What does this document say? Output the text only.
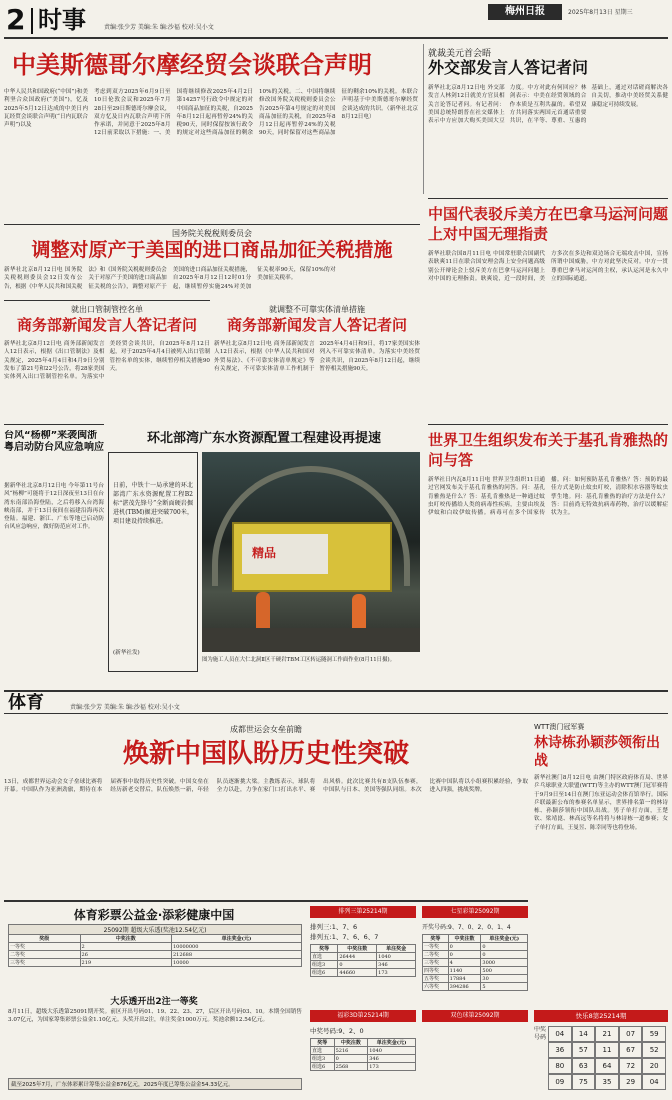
2 时事	责编:张少芳 美编:朱 编:沙福 校对:吴小文
梅州日报	2025年8月13日 星期三
中美斯德哥尔摩经贸会谈联合声明
中华人民共和国政府(“中国”)和美利坚合众国政府(“美国”)，忆及2025年5月12日达成的中美日内瓦经贸会谈联合声明(“日内瓦联合声明”)以及
考虑到双方2025年6月9日至10日伦敦会议和2025年7月28日至29日斯德哥尔摩会议，双方忆及日内瓦联合声明下所作承诺，并同意于2025年8月12日前采取以下措施：一、美国将继续修改2025年4月2日第14257号行政令中规定的对中国商品加征的关税，自2025年8月12日起再暂停24%的关税90天，同时保留按该行政令的规定对这些商品加征的剩余10%的关税。二、中国将继续修改国务院关税税则委员会公告2025年第4号规定的对美国商品加征的关税，自2025年8月12日起再暂停24%的关税90天，同时保留对这些商品加征的剩余10%的关税。本联合声明基于中美斯德哥尔摩经贸会谈达成的共识。（新华社北京8月12日电）
就裁美元首会晤
外交部发言人答记者问
新华社北京8月12日电 外交部发言人林剑12日就美方官员相关言论答记者问。有记者问：美国总统特朗普在社交媒体上表示中方应加大购买美国大豆力度。中方对此有何回应？林剑表示：中美在经贸领域的合作本质是互利共赢的。希望双方共同落实两国元首通话重要共识，在平等、尊重、互惠的基础上，通过对话磋商解决各自关切，推动中美经贸关系健康稳定可持续发展。
国务院关税税则委员会
调整对原产于美国的进口商品加征关税措施
新华社北京8月12日电 国务院关税税则委员会12日发布公告，根据《中华人民共和国关税法》和《国务院关税税则委员会关于对原产于美国的进口商品加征关税的公告》，调整对原产于美国的进口商品加征关税措施，自2025年8月12日12时01分起，继续暂停实施24%对美加征关税率90天，保留10%的对美加征关税率。
就出口管制管控名单
商务部新闻发言人答记者问
新华社北京8月12日电 商务部新闻发言人12日表示，根据《出口管制法》及相关规定，2025年4月4日和4月9日分别发布了第21号和22号公告，将28家美国实体列入出口管制管控名单。为落实中美经贸会谈共识，自2025年8月12日起，对于2025年4月4日被列入出口管制管控名单的实体，继续暂停相关措施90天。
就调整不可靠实体清单措施
商务部新闻发言人答记者问
新华社北京8月12日电 商务部新闻发言人12日表示，根据《中华人民共和国对外贸易法》、《不可靠实体清单规定》等有关规定，不可靠实体清单工作机制于2025年4月4日和9日，将17家美国实体列入不可靠实体清单。为落实中美经贸会谈共识，自2025年8月12日起，继续暂停相关措施90天。
中国代表驳斥美方在巴拿马运河问题上对中国无理指责
新华社联合国8月11日电 中国常驻联合国副代表耿爽11日在联合国安理会海上安全问题高级别公开辩论会上驳斥美方在巴拿马运河问题上对中国的无理指责。耿爽说，近一段时间，美方多次在多边和双边场合无端攻击中国，宣扬所谓中国威胁，中方对此坚决反对。中方一贯尊重巴拿马对运河的主权，承认运河是永久中立的国际通道。
台风“杨柳”来袭闽浙粤启动防台风应急响应
据新华社北京8月12日电 今年第11号台风“杨柳”可能将于12日深夜至13日在台湾东南部沿海登陆，之后将移入台湾海峡南部，并于13日夜间在福建沿海再次登陆。福建、浙江、广东等地已启动防台风应急响应，做好防范应对工作。
环北部湾广东水资源配置工程建设再提速
日前，中铁十一局承建的环北部湾广东水资源配置工程B2标“湛茂先锋号”全断面硬岩掘进机(TBM)掘进突破700米，项目建设持续推进。
(新华社发)
精品
图为施工人员在大仁北洞Ⅱ区干硬岩TBM工区转运隧洞工作面作业(8月11日摄)。
世界卫生组织发布关于基孔肯雅热的问与答
新华社日内瓦8月11日电 世界卫生组织11日通过官网发布关于基孔肯雅热的问答。问：基孔肯雅热是什么？答：基孔肯雅热是一种通过蚊虫叮咬传播给人类的病毒性疾病，主要由埃及伊蚊和白纹伊蚊传播。病毒可在多个国家传播。问：如何预防基孔肯雅热？答：预防的最佳方式是防止蚊虫叮咬，清除积水容器等蚊虫孳生地。问：基孔肯雅热的治疗方法是什么？答：目前尚无特效抗病毒药物，治疗以缓解症状为主。
体育	责编:张少芳 美编:朱 编:沙福 校对:吴小文
成都世运会女垒前瞻
焕新中国队盼历史性突破
13日，成都世界运动会女子垒球比赛将开幕。中国队作为亚洲劲旅，期待在本届赛事中取得历史性突破。中国女垒在经历新老交替后，队伍焕然一新，年轻队员逐渐挑大梁。主教练表示，球队将全力以赴，力争在家门口打出水平、赛出风格。此次比赛共有8支队伍参赛，中国队与日本、美国等强队同组。本次比赛中国队将以小组赛积累经验，争取进入四强，挑战奖牌。
WTT澳门冠军赛
林诗栋孙颖莎领衔出战
新华社澳门8月12日电 由澳门特区政府体育局、世界乒乓球职业大联盟(WTT)等主办的WTT澳门冠军赛将于9月9日至14日在澳门东亚运动会体育馆举行。国际乒联最新公布的参赛名单显示，世界排名第一的林诗栋、孙颖莎领衔中国队出战。男子单打方面，王楚钦、梁靖崑、林高远等名将将与林诗栋一道参赛；女子单打方面，王曼昱、陈幸同等也将登场。
体育彩票公益金·添彩健康中国
25092期 超级大乐透(奖池12.54亿元)
奖级	中奖注数	单注奖金(元)
一等奖	2	10000000
二等奖	26	212688
三等奖	219	10000
大乐透开出2注一等奖
8月11日，超级大乐透第25091期开奖。前区开出号码01、19、22、23、27，后区开出号码03、10。本期全国销售3.07亿元，为国家筹集彩票公益金1.10亿元。头奖开出2注，单注奖金1000万元。奖池余额12.54亿元。
截至2025年7月，广东体彩累计筹集公益金876亿元，2025年度已筹集公益金54.33亿元。
排列三第25214期
排列三:1、7、6
排列五:1、7、6、6、7
奖等	中奖注数	单注奖金
直选	26444	1040
组选3	0	346
组选6	44660	173
七星彩第25092期
开奖号码:9、7、0、2、0、1、4
奖等	中奖注数	单注奖金(元)
一等奖	0	0
二等奖	0	0
三等奖	4	3000
四等奖	1140	500
五等奖	17884	30
六等奖	394286	5
福彩3D第25214期
中奖号码:9、2、0
奖等	中奖注数	单注奖金(元)
直选	5216	1040
组选3	0	346
组选6	2568	173
双色球第25092期	快乐8第25214期
中奖号码	04	14	21	07	59
36	57	11	67	52
80	63	64	72	20
09	75	35	29	04
